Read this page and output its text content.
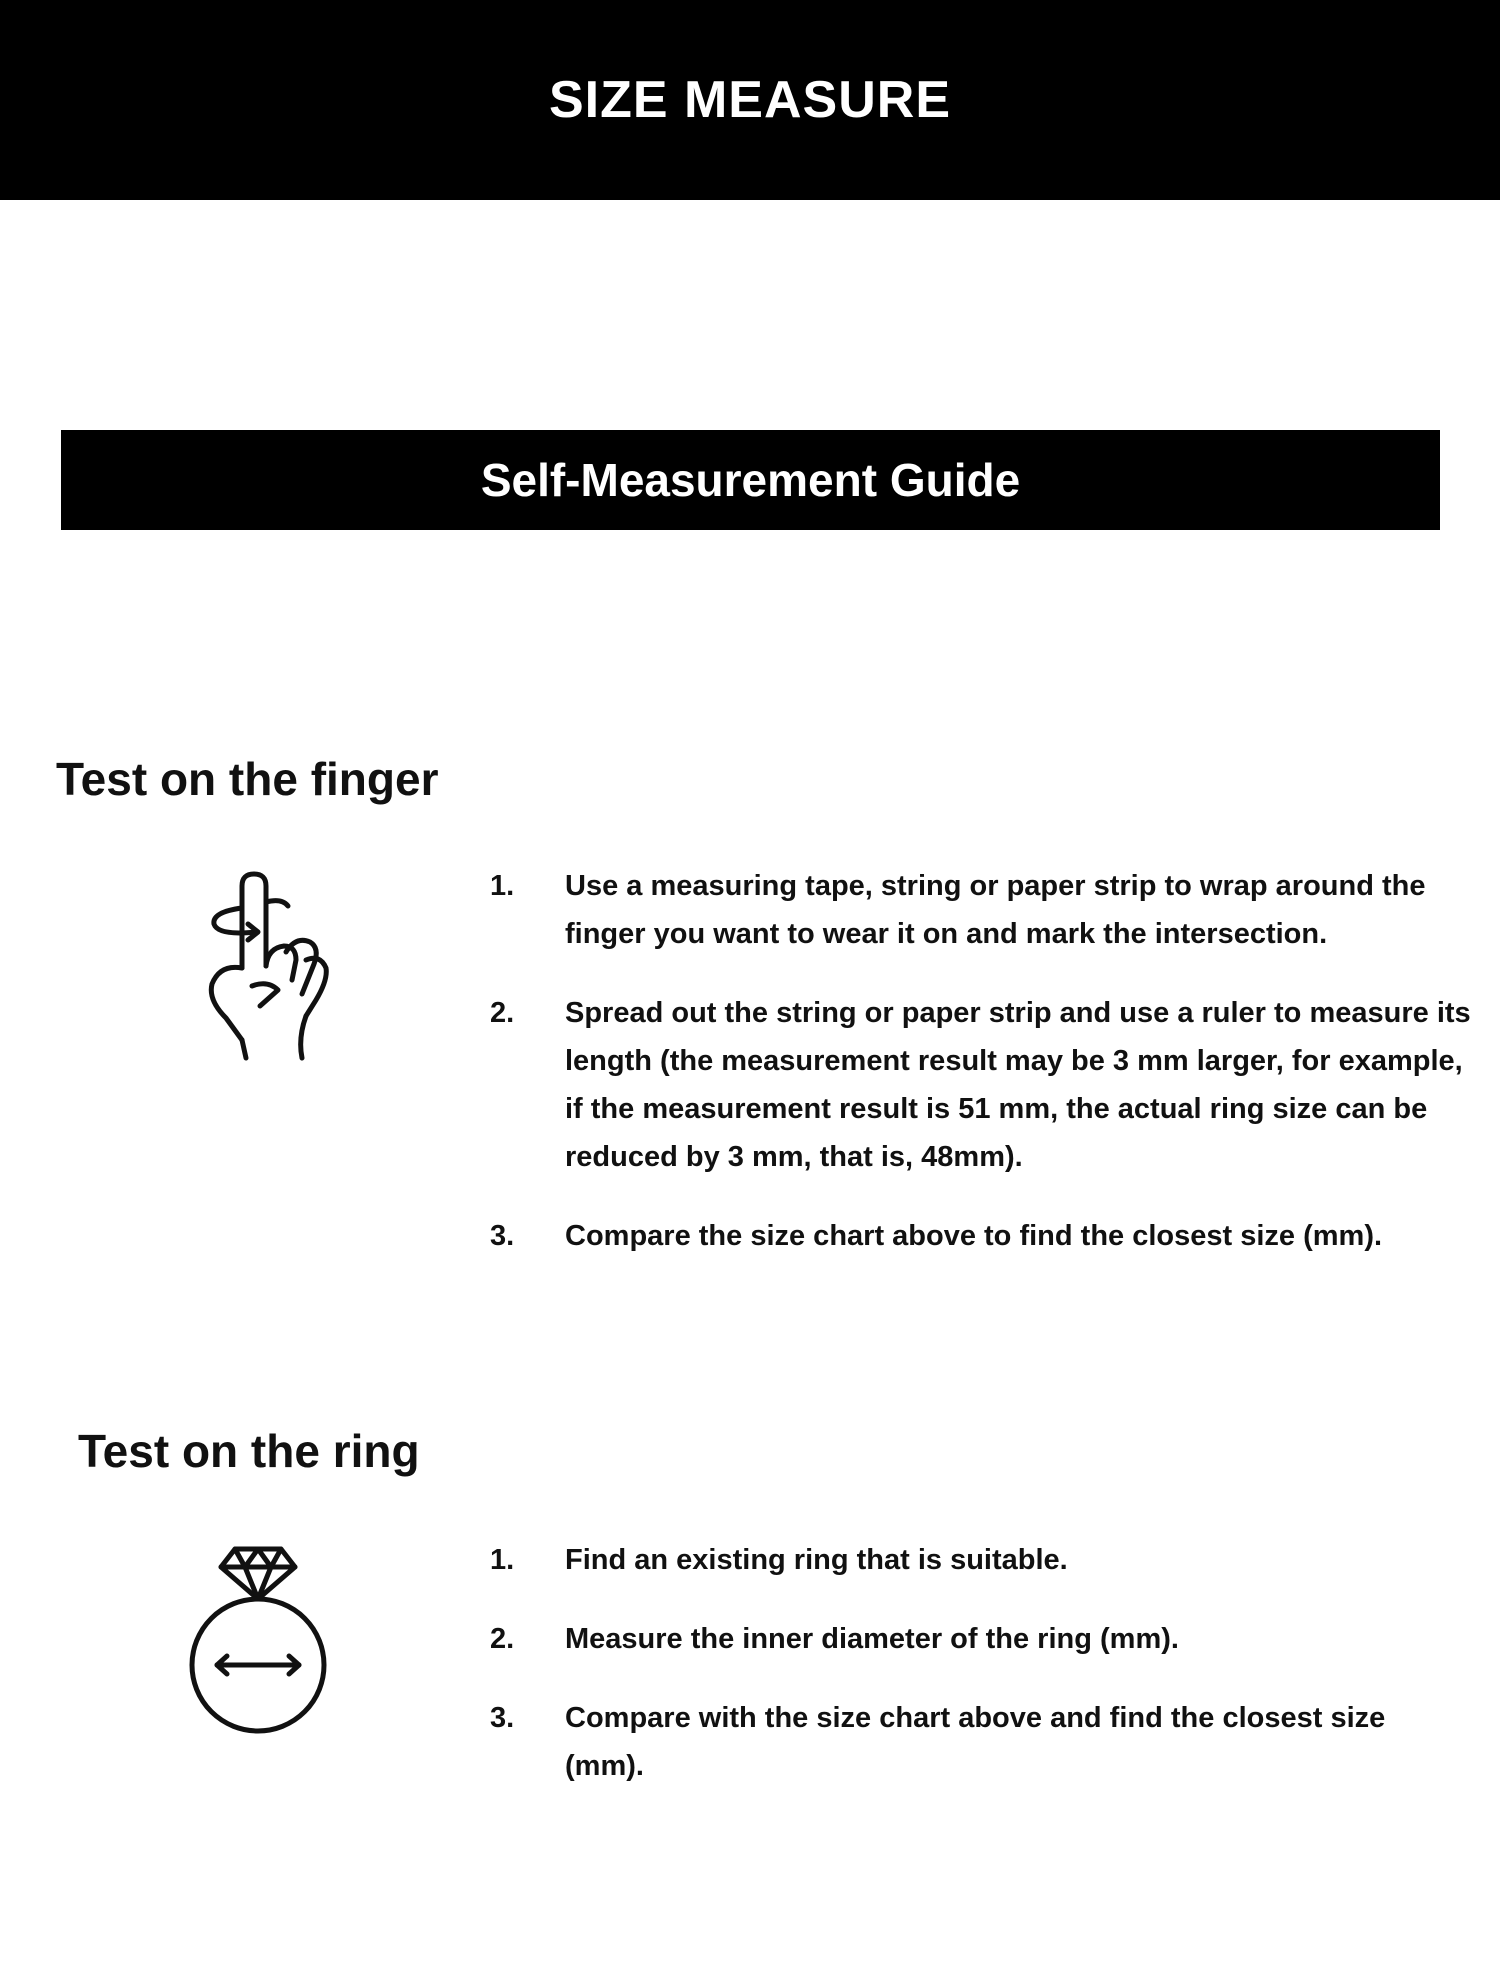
SIZE MEASURE
Self-Measurement Guide
Test on the finger
1.	Use a measuring tape, string or paper strip to wrap around the finger you want to wear it on and mark the intersection.
2.	Spread out the string or paper strip and use a ruler to measure its length (the measurement result may be 3 mm larger, for example, if the measurement result is 51 mm, the actual ring size can be reduced by 3 mm, that is, 48mm).
3.	Compare the size chart above to find the closest size (mm).
Test on the ring
1.	Find an existing ring that is suitable.
2.	Measure the inner diameter of the ring (mm).
3.	Compare with the size chart above and find the closest size (mm).
